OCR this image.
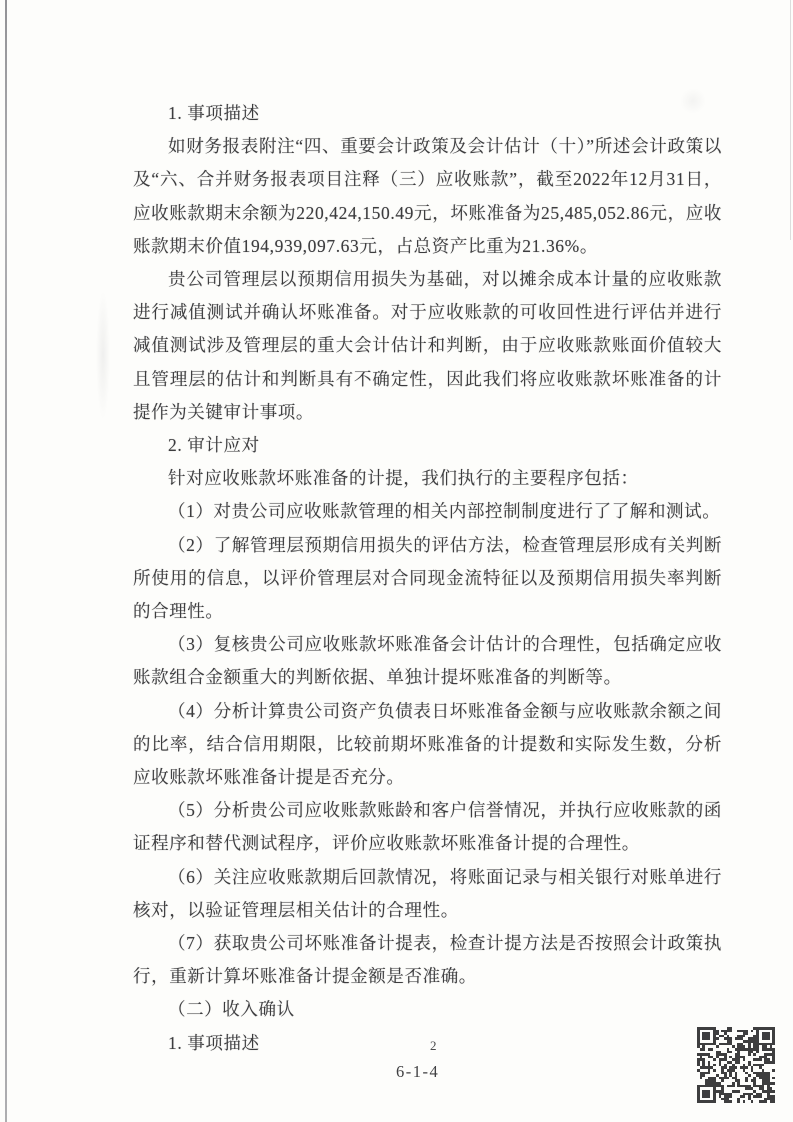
1. 事项描述

如财务报表附注“四、重要会计政策及会计估计（十）”所述会计政策以及“六、合并财务报表项目注释（三）应收账款”，截至2022年12月31日，应收账款期末余额为220,424,150.49元，坏账准备为25,485,052.86元，应收账款期末价值194,939,097.63元，占总资产比重为21.36%。

贵公司管理层以预期信用损失为基础，对以摊余成本计量的应收账款进行减值测试并确认坏账准备。对于应收账款的可收回性进行评估并进行减值测试涉及管理层的重大会计估计和判断，由于应收账款账面价值较大且管理层的估计和判断具有不确定性，因此我们将应收账款坏账准备的计提作为关键审计事项。

2. 审计应对

针对应收账款坏账准备的计提，我们执行的主要程序包括：

（1）对贵公司应收账款管理的相关内部控制制度进行了了解和测试。

（2）了解管理层预期信用损失的评估方法，检查管理层形成有关判断所使用的信息，以评价管理层对合同现金流特征以及预期信用损失率判断的合理性。

（3）复核贵公司应收账款坏账准备会计估计的合理性，包括确定应收账款组合金额重大的判断依据、单独计提坏账准备的判断等。

（4）分析计算贵公司资产负债表日坏账准备金额与应收账款余额之间的比率，结合信用期限，比较前期坏账准备的计提数和实际发生数，分析应收账款坏账准备计提是否充分。

（5）分析贵公司应收账款账龄和客户信誉情况，并执行应收账款的函证程序和替代测试程序，评价应收账款坏账准备计提的合理性。

（6）关注应收账款期后回款情况，将账面记录与相关银行对账单进行核对，以验证管理层相关估计的合理性。

（7）获取贵公司坏账准备计提表，检查计提方法是否按照会计政策执行，重新计算坏账准备计提金额是否准确。

（二）收入确认

1. 事项描述	2
6-1-4
